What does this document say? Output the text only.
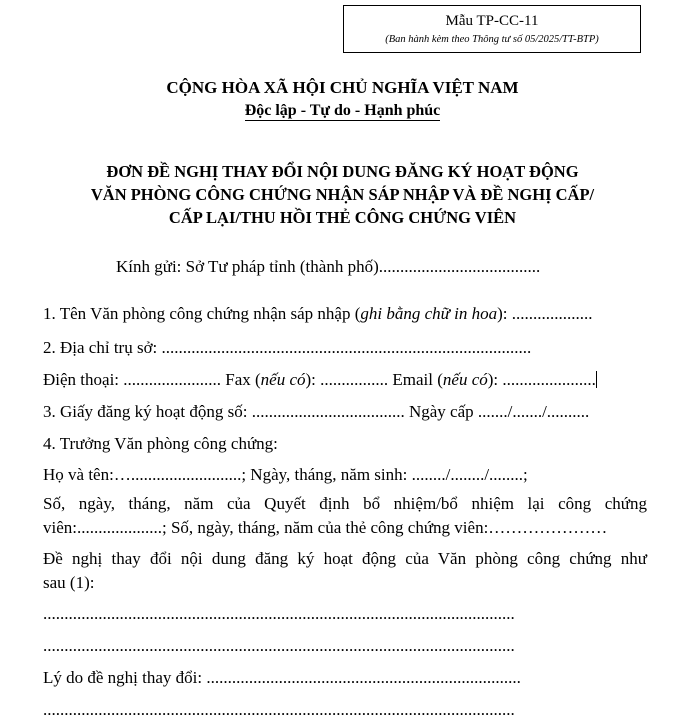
Mẫu TP-CC-11
(Ban hành kèm theo Thông tư số 05/2025/TT-BTP)
CỘNG HÒA XÃ HỘI CHỦ NGHĨA VIỆT NAM
Độc lập - Tự do - Hạnh phúc
ĐƠN ĐỀ NGHỊ THAY ĐỔI NỘI DUNG ĐĂNG KÝ HOẠT ĐỘNG
VĂN PHÒNG CÔNG CHỨNG NHẬN SÁP NHẬP VÀ ĐỀ NGHỊ CẤP/
CẤP LẠI/THU HỒI THẺ CÔNG CHỨNG VIÊN
Kính gửi: Sở Tư pháp tỉnh (thành phố)......................................
1. Tên Văn phòng công chứng nhận sáp nhập (ghi bằng chữ in hoa): ...................
2. Địa chỉ trụ sở: .......................................................................................
Điện thoại: ....................... Fax (nếu có): ................ Email (nếu có): ......................
3. Giấy đăng ký hoạt động số: .................................... Ngày cấp ......./......./..........
4. Trưởng Văn phòng công chứng:
Họ và tên:…..........................; Ngày, tháng, năm sinh: ......../......../........;
Số, ngày, tháng, năm của Quyết định bổ nhiệm/bổ nhiệm lại công chứng
viên:....................; Số, ngày, tháng, năm của thẻ công chứng viên:…………………
Đề nghị thay đổi nội dung đăng ký hoạt động của Văn phòng công chứng như
sau (1):
...............................................................................................................
...............................................................................................................
Lý do đề nghị thay đổi: ..........................................................................
...............................................................................................................
